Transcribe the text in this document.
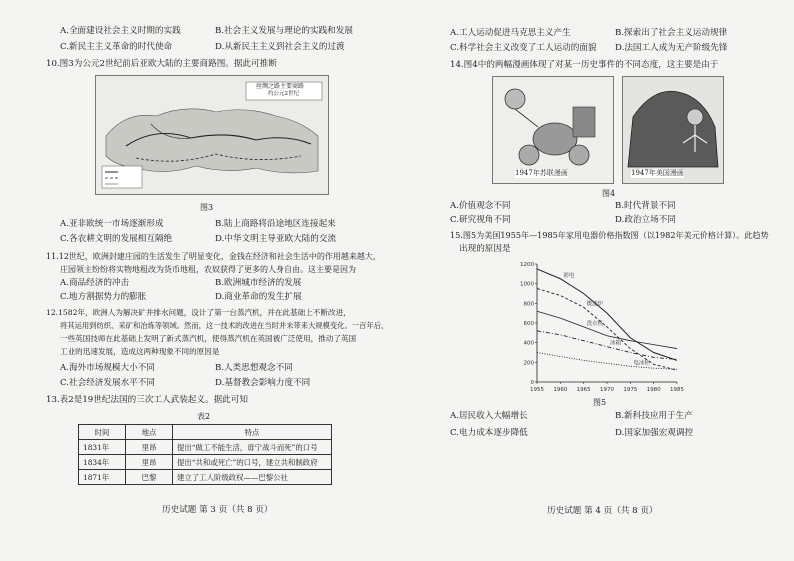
A.全面建设社会主义时期的实践	B.社会主义发展与理论的实践和发展
C.新民主主义革命的时代使命	D.从新民主主义到社会主义的过渡
10.图3为公元2世纪前后亚欧大陆的主要商路图。据此可推断
丝绸之路主要商路
约公元2世纪
图3
A.亚非欧统一市场逐渐形成	B.陆上商路将沿途地区连接起来
C.各农耕文明的发展相互隔绝	D.中华文明主导亚欧大陆的交流
11.12世纪，欧洲封建庄园的生活发生了明显变化，金钱在经济和社会生活中的作用越来越大，
庄园领主纷纷将实物地租改为货币地租，农奴获得了更多的人身自由。这主要是因为
A.商品经济的冲击	B.欧洲城市经济的发展
C.地方割据势力的膨胀	D.商业革命的发生扩展
12.1582年，欧洲人为解决矿井排水问题，设计了第一台蒸汽机，并在此基础上不断改进，
将其运用到纺织、采矿和冶炼等领域。然而，这一技术的改进在当时并未带来大规模变化。一百年后，
一些英国技师在此基础上发明了新式蒸汽机，使得蒸汽机在英国被广泛使用，推动了英国
工业的迅速发展，造成这两种现象不同的原因是
A.海外市场规模大小不同	B.人类思想观念不同
C.社会经济发展水平不同	D.基督教会影响力度不同
13.表2是19世纪法国的三次工人武装起义。据此可知
表2
时间	地点	特点
1831年	里昂	提出“做工不能生活，毋宁战斗而死”的口号
1834年	里昂	提出“共和或死亡”的口号，建立共和制政府
1871年	巴黎	建立了工人阶级政权——巴黎公社
历史试题 第 3 页（共 8 页）
A.工人运动促进马克思主义产生	B.探索出了社会主义运动规律
C.科学社会主义改变了工人运动的面貌 D.法国工人成为无产阶级先锋
14.图4中的两幅漫画体现了对某一历史事件的不同态度，这主要是由于
1947年苏联漫画	1947年美国漫画
图4
A.价值观念不同	B.时代背景不同
C.研究视角不同	D.政治立场不同
15.图5为美国1955年—1985年家用电器价格指数图（以1982年美元价格计算）。此趋势
出现的原因是
0
200
400
600
800
1000
1200
1955 1960 1965 1970 1975 1980 1985
彩电
微波炉
洗衣机
冰箱
电冰柜
图5
A.居民收入大幅增长	B.新科技应用于生产
C.电力成本逐步降低	D.国家加强宏观调控
历史试题 第 4 页（共 8 页）
